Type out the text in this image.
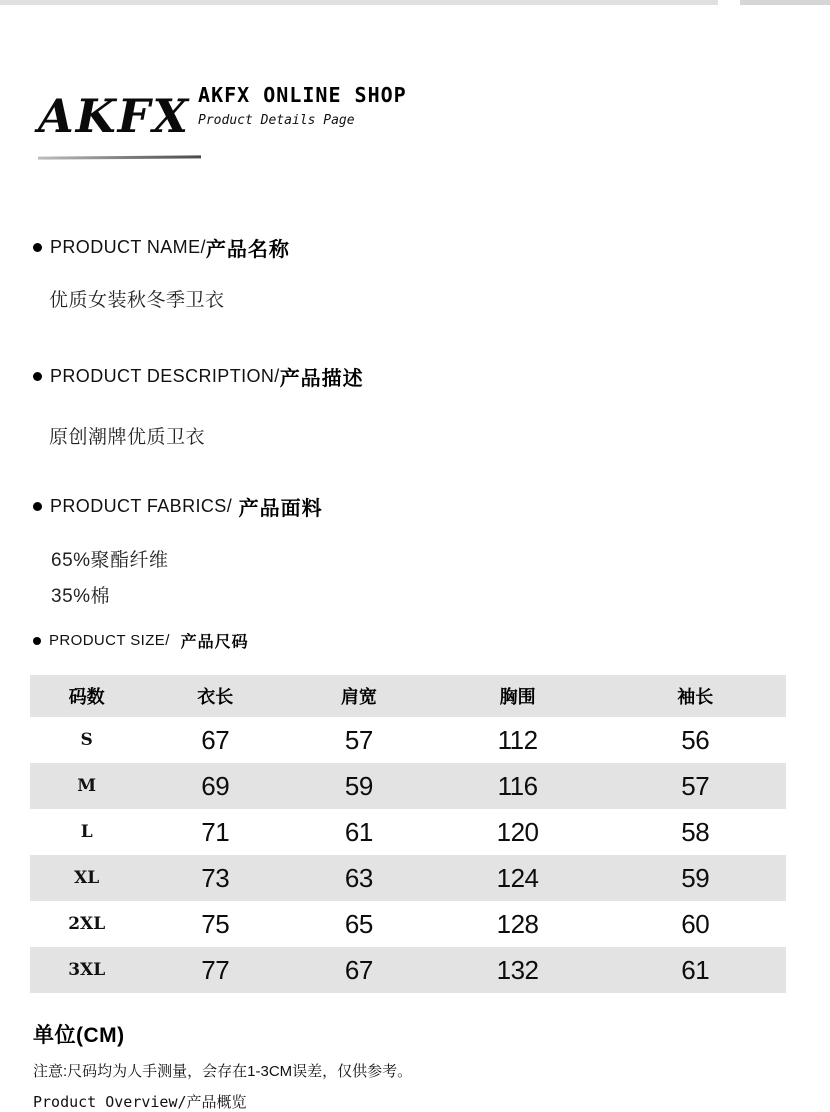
AKFX AKFX ONLINE SHOP
Product Details Page
PRODUCT NAME/ 产品名称
优质女装秋冬季卫衣
PRODUCT DESCRIPTION/ 产品描述
原创潮牌优质卫衣
PRODUCT FABRICS/ 产品面料
65%聚酯纤维
35%棉
PRODUCT SIZE/ 产品尺码
码数	衣长	肩宽	胸围	袖长
S	67	57	112	56
M	69	59	116	57
L	71	61	120	58
XL	73	63	124	59
2XL	75	65	128	60
3XL	77	67	132	61
单位(CM)
注意:尺码均为人手测量，会存在1-3CM误差，仅供参考。
Product Overview/产品概览
